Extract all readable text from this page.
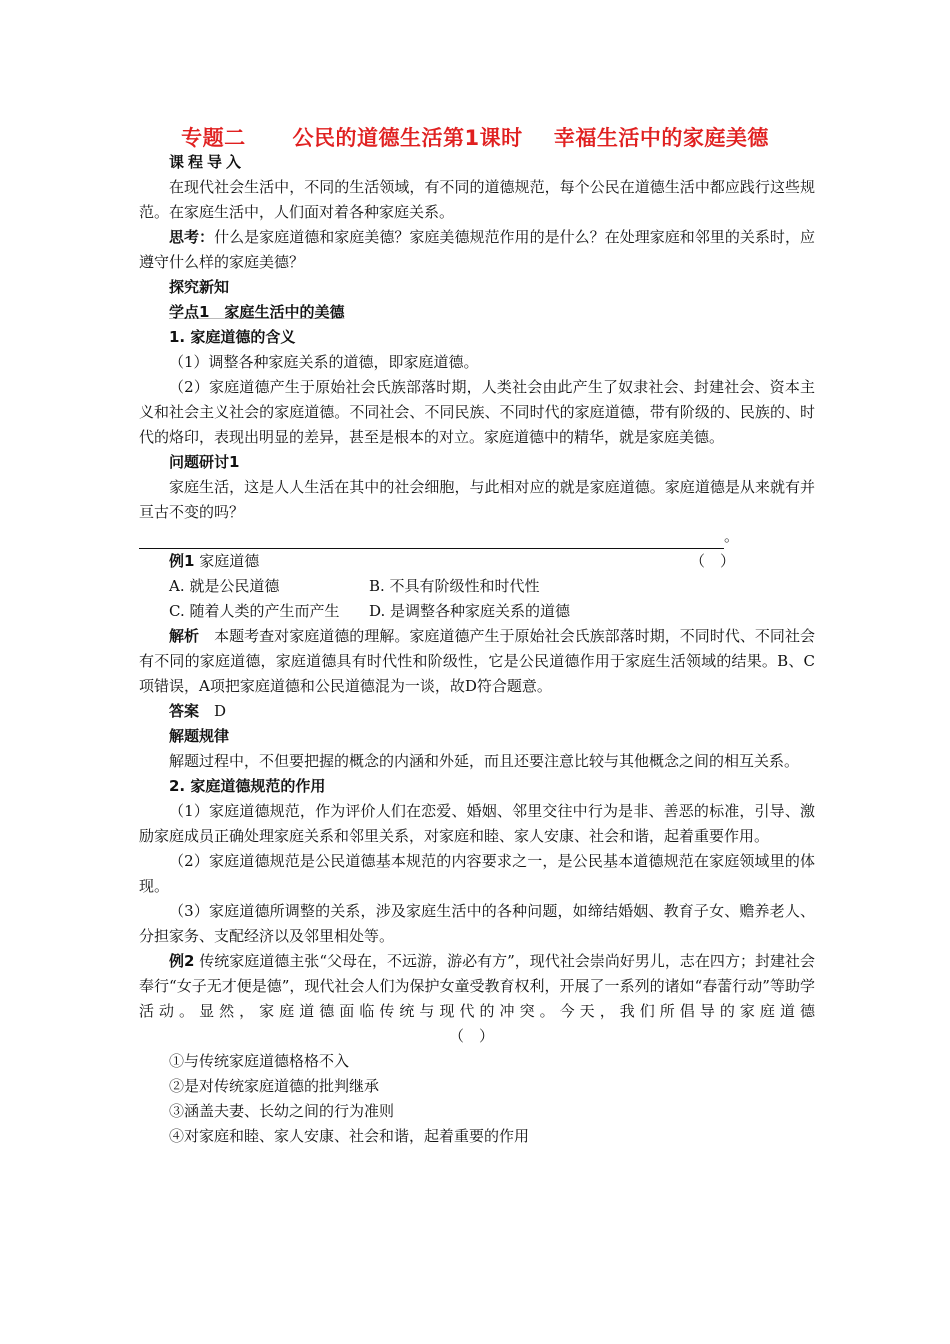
专题二 公民的道德生活第1课时 幸福生活中的家庭美德

课程导入

在现代社会生活中，不同的生活领域，有不同的道德规范，每个公民在道德生活中都应践行这些规范。在家庭生活中，人们面对着各种家庭关系。

思考：什么是家庭道德和家庭美德？家庭美德规范作用的是什么？在处理家庭和邻里的关系时，应遵守什么样的家庭美德？

探究新知

学点1　家庭生活中的美德

1. 家庭道德的含义

（1）调整各种家庭关系的道德，即家庭道德。

（2）家庭道德产生于原始社会氏族部落时期，人类社会由此产生了奴隶社会、封建社会、资本主义和社会主义社会的家庭道德。不同社会、不同民族、不同时代的家庭道德，带有阶级的、民族的、时代的烙印，表现出明显的差异，甚至是根本的对立。家庭道德中的精华，就是家庭美德。

问题研讨1

家庭生活，这是人人生活在其中的社会细胞，与此相对应的就是家庭道德。家庭道德是从来就有并亘古不变的吗？

。

例1 家庭道德	（　）

A. 就是公民道德	B. 不具有阶级性和时代性
C. 随着人类的产生而产生	D. 是调整各种家庭关系的道德

解析　 本题考查对家庭道德的理解。家庭道德产生于原始社会氏族部落时期，不同时代、不同社会有不同的家庭道德，家庭道德具有时代性和阶级性，它是公民道德作用于家庭生活领域的结果。B、C项错误，A项把家庭道德和公民道德混为一谈，故D符合题意。

答案　 D

解题规律

解题过程中，不但要把握的概念的内涵和外延，而且还要注意比较与其他概念之间的相互关系。

2. 家庭道德规范的作用

（1）家庭道德规范，作为评价人们在恋爱、婚姻、邻里交往中行为是非、善恶的标准，引导、激励家庭成员正确处理家庭关系和邻里关系，对家庭和睦、家人安康、社会和谐，起着重要作用。

（2）家庭道德规范是公民道德基本规范的内容要求之一，是公民基本道德规范在家庭领域里的体现。

（3）家庭道德所调整的关系，涉及家庭生活中的各种问题，如缔结婚姻、教育子女、赡养老人、分担家务、支配经济以及邻里相处等。

例2 传统家庭道德主张“父母在，不远游，游必有方”，现代社会崇尚好男儿，志在四方；封建社会奉行“女子无才便是德”，现代社会人们为保护女童受教育权利，开展了一系列的诸如“春蕾行动”等助学活动。显然，家庭道德面临传统与现代的冲突。今天，我们所倡导的家庭道德（　）

①与传统家庭道德格格不入

②是对传统家庭道德的批判继承

③涵盖夫妻、长幼之间的行为准则

④对家庭和睦、家人安康、社会和谐，起着重要的作用
